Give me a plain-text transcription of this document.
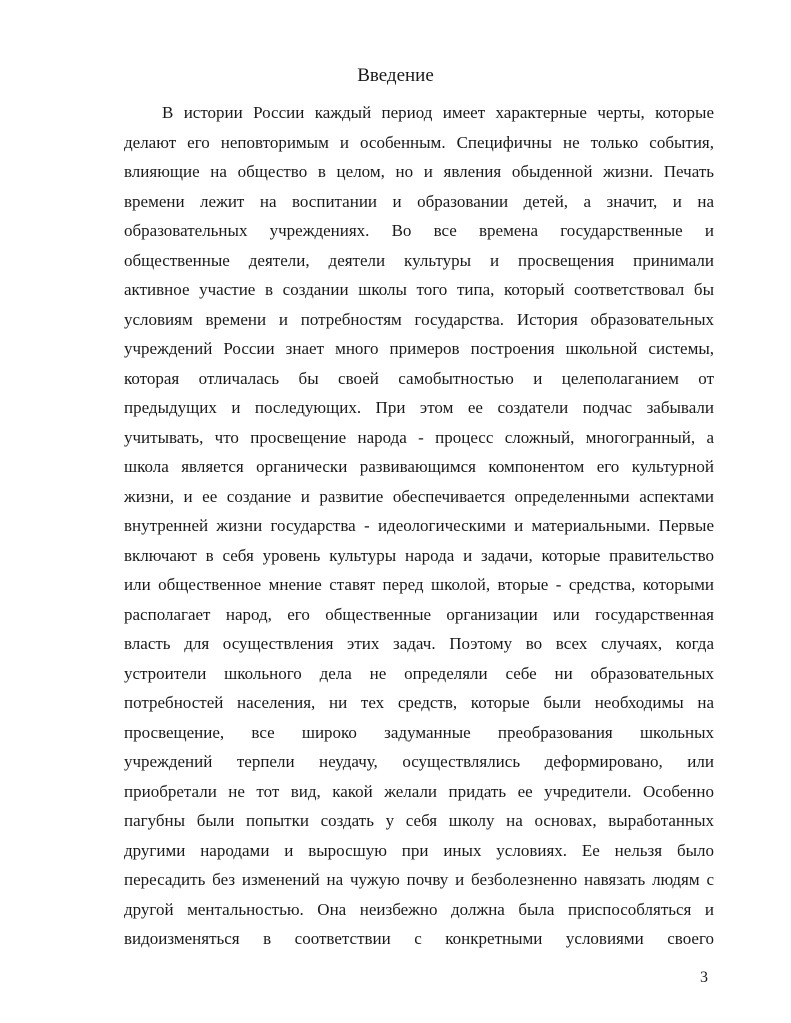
Введение
В истории России каждый период имеет характерные черты, которые
делают его неповторимым и особенным. Специфичны не только события,
влияющие на общество в целом, но и явления обыденной жизни. Печать
времени лежит на воспитании и образовании детей, а значит, и на
образовательных учреждениях. Во все времена государственные и
общественные деятели, деятели культуры и просвещения принимали
активное участие в создании школы того типа, который соответствовал бы
условиям времени и потребностям государства. История образовательных
учреждений России знает много примеров построения школьной системы,
которая отличалась бы своей самобытностью и целеполаганием от
предыдущих и последующих. При этом ее создатели подчас забывали
учитывать, что просвещение народа - процесс сложный, многогранный, а
школа является органически развивающимся компонентом его культурной
жизни, и ее создание и развитие обеспечивается определенными аспектами
внутренней жизни государства - идеологическими и материальными. Первые
включают в себя уровень культуры народа и задачи, которые правительство
или общественное мнение ставят перед школой, вторые - средства, которыми
располагает народ, его общественные организации или государственная
власть для осуществления этих задач. Поэтому во всех случаях, когда
устроители школьного дела не определяли себе ни образовательных
потребностей населения, ни тех средств, которые были необходимы на
просвещение, все широко задуманные преобразования школьных
учреждений терпели неудачу, осуществлялись деформировано, или
приобретали не тот вид, какой желали придать ее учредители. Особенно
пагубны были попытки создать у себя школу на основах, выработанных
другими народами и выросшую при иных условиях. Ее нельзя было
пересадить без изменений на чужую почву и безболезненно навязать людям с
другой ментальностью. Она неизбежно должна была приспособляться и
видоизменяться в соответствии с конкретными условиями своего
3
